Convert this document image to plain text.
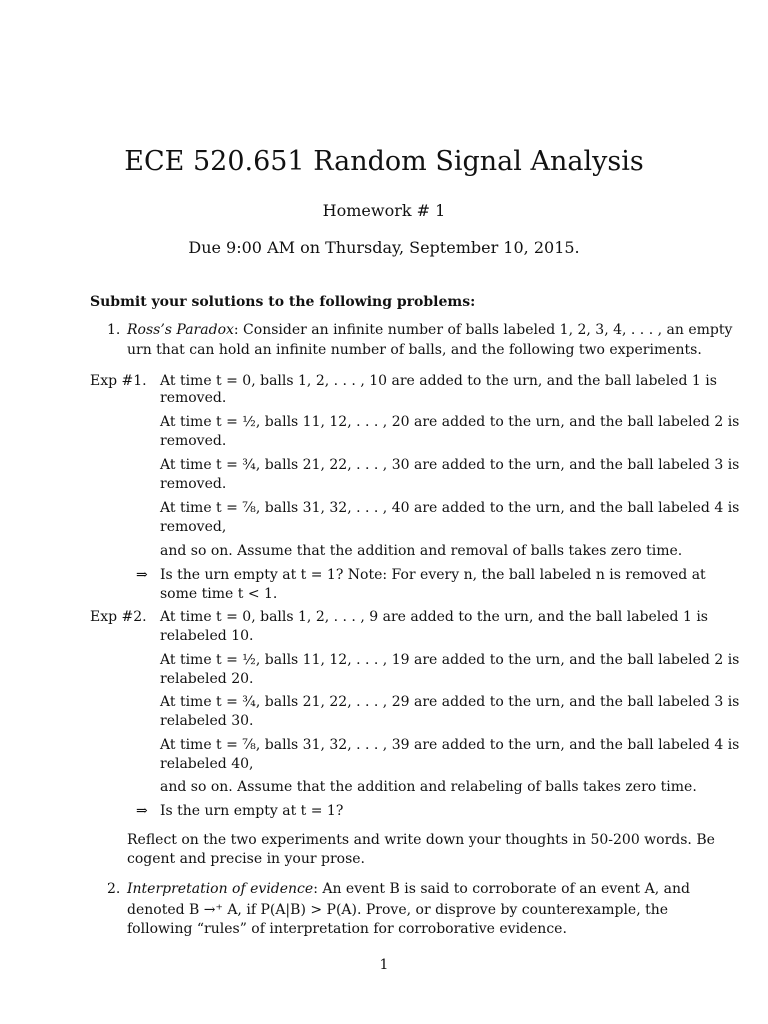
ECE 520.651 Random Signal Analysis
Homework # 1
Due 9:00 AM on Thursday, September 10, 2015.
Submit your solutions to the following problems:
1. Ross’s Paradox: Consider an infinite number of balls labeled 1, 2, 3, 4, . . . , an empty
urn that can hold an infinite number of balls, and the following two experiments.
Exp #1. At time t = 0, balls 1, 2, . . . , 10 are added to the urn, and the ball labeled 1 is
removed.
At time t = ½, balls 11, 12, . . . , 20 are added to the urn, and the ball labeled 2 is
removed.
At time t = ¾, balls 21, 22, . . . , 30 are added to the urn, and the ball labeled 3 is
removed.
At time t = ⅞, balls 31, 32, . . . , 40 are added to the urn, and the ball labeled 4 is
removed,
and so on. Assume that the addition and removal of balls takes zero time.
⇒ Is the urn empty at t = 1? Note: For every n, the ball labeled n is removed at
some time t < 1.
Exp #2. At time t = 0, balls 1, 2, . . . , 9 are added to the urn, and the ball labeled 1 is
relabeled 10.
At time t = ½, balls 11, 12, . . . , 19 are added to the urn, and the ball labeled 2 is
relabeled 20.
At time t = ¾, balls 21, 22, . . . , 29 are added to the urn, and the ball labeled 3 is
relabeled 30.
At time t = ⅞, balls 31, 32, . . . , 39 are added to the urn, and the ball labeled 4 is
relabeled 40,
and so on. Assume that the addition and relabeling of balls takes zero time.
⇒ Is the urn empty at t = 1?
Reflect on the two experiments and write down your thoughts in 50-200 words. Be
cogent and precise in your prose.
2. Interpretation of evidence: An event B is said to corroborate of an event A, and
denoted B →⁺ A, if P(A|B) > P(A). Prove, or disprove by counterexample, the
following “rules” of interpretation for corroborative evidence.
1
